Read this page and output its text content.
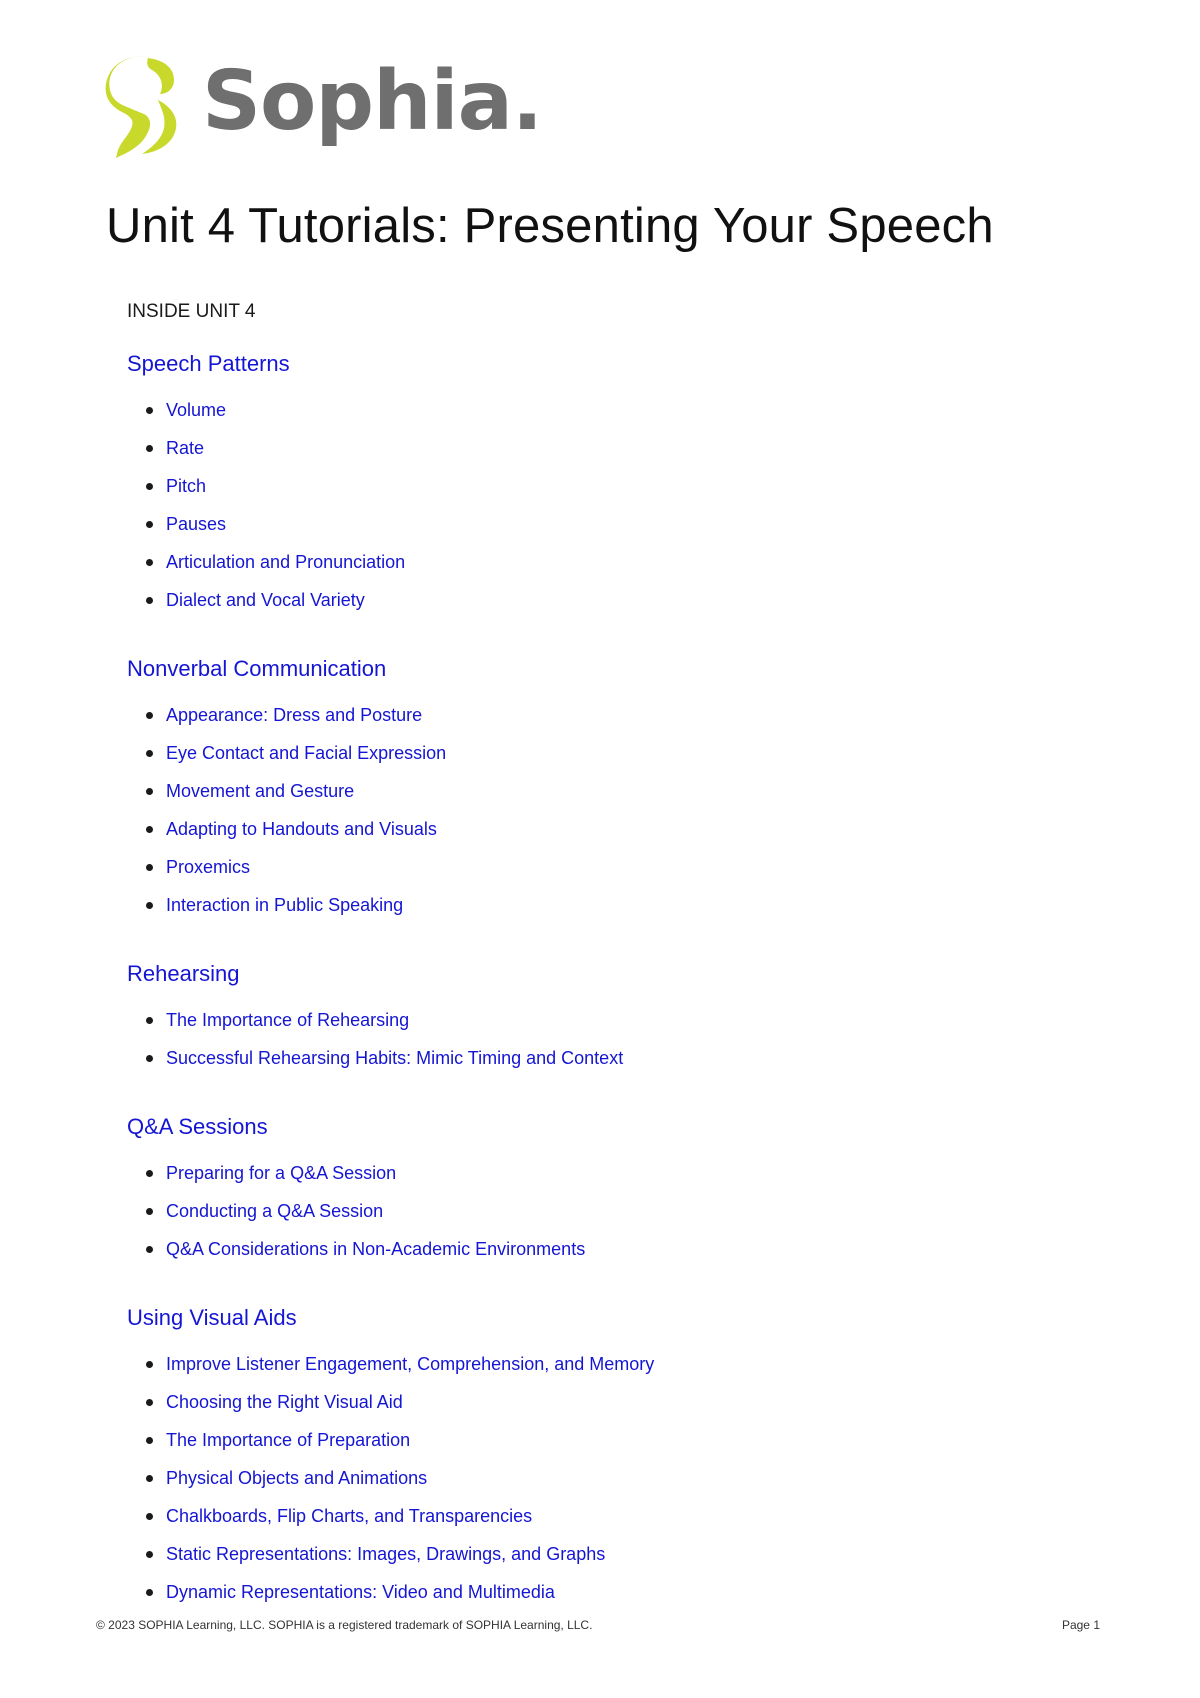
Sophia.
Unit 4 Tutorials: Presenting Your Speech
INSIDE UNIT 4
Speech Patterns
Volume
Rate
Pitch
Pauses
Articulation and Pronunciation
Dialect and Vocal Variety
Nonverbal Communication
Appearance: Dress and Posture
Eye Contact and Facial Expression
Movement and Gesture
Adapting to Handouts and Visuals
Proxemics
Interaction in Public Speaking
Rehearsing
The Importance of Rehearsing
Successful Rehearsing Habits: Mimic Timing and Context
Q&A Sessions
Preparing for a Q&A Session
Conducting a Q&A Session
Q&A Considerations in Non-Academic Environments
Using Visual Aids
Improve Listener Engagement, Comprehension, and Memory
Choosing the Right Visual Aid
The Importance of Preparation
Physical Objects and Animations
Chalkboards, Flip Charts, and Transparencies
Static Representations: Images, Drawings, and Graphs
Dynamic Representations: Video and Multimedia
© 2023 SOPHIA Learning, LLC. SOPHIA is a registered trademark of SOPHIA Learning, LLC.	Page 1
